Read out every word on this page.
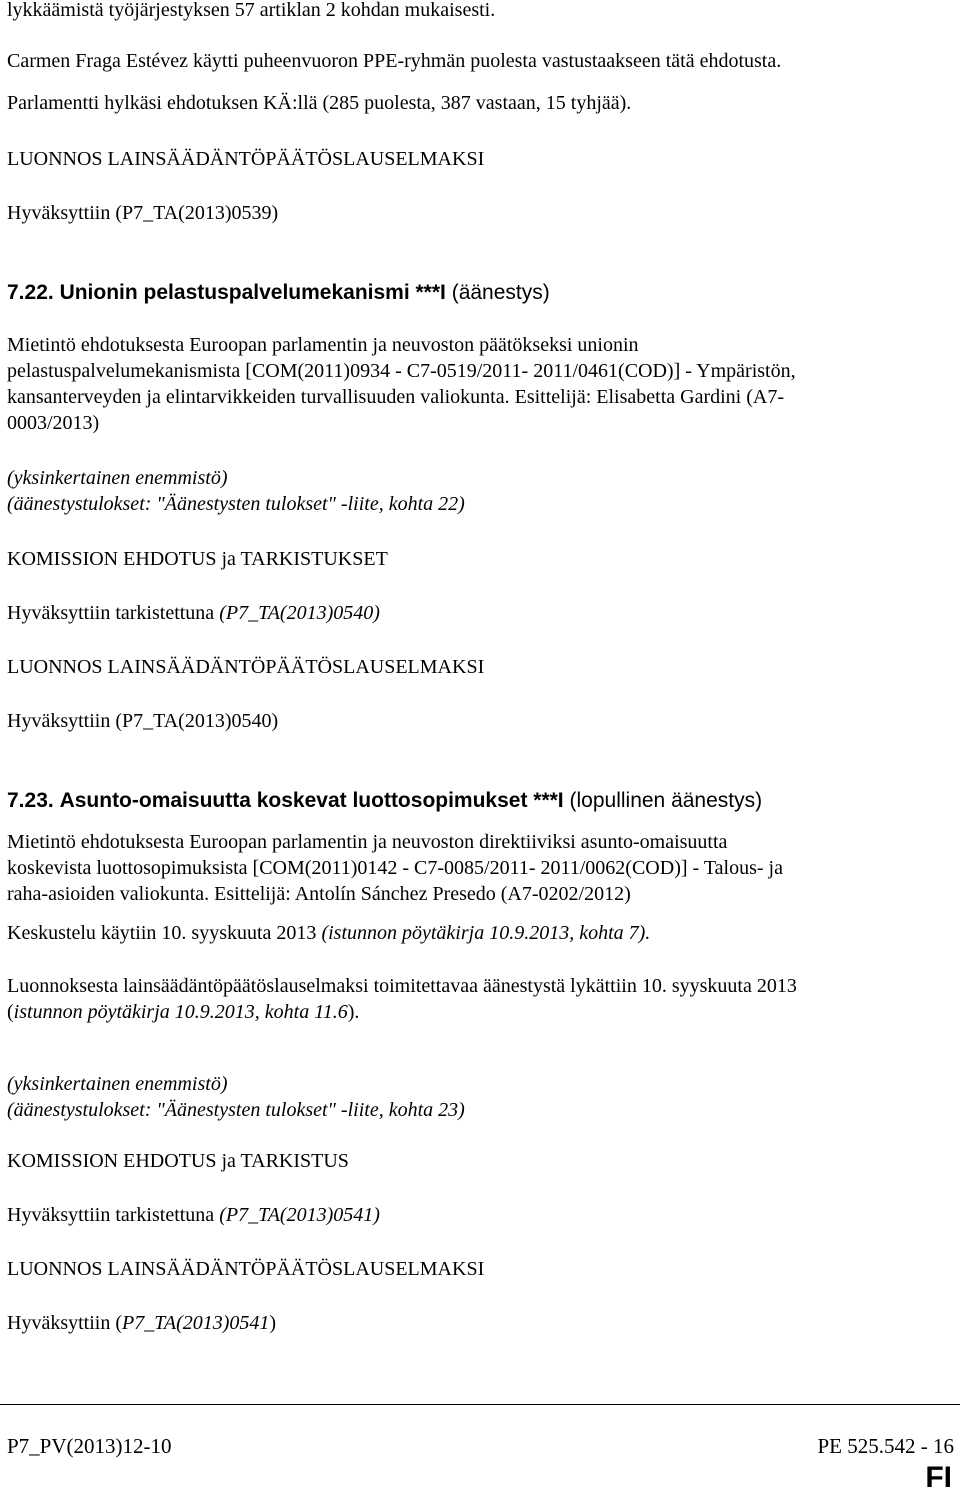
lykkäämistä työjärjestyksen 57 artiklan 2 kohdan mukaisesti.
Carmen Fraga Estévez käytti puheenvuoron PPE-ryhmän puolesta vastustaakseen tätä ehdotusta.
Parlamentti hylkäsi ehdotuksen KÄ:llä (285 puolesta, 387 vastaan, 15 tyhjää).
LUONNOS LAINSÄÄDÄNTÖPÄÄTÖSLAUSELMAKSI
Hyväksyttiin (P7_TA(2013)0539)
7.22. Unionin pelastuspalvelumekanismi ***I (äänestys)
Mietintö ehdotuksesta Euroopan parlamentin ja neuvoston päätökseksi unionin
pelastuspalvelumekanismista [COM(2011)0934 - C7-0519/2011- 2011/0461(COD)] - Ympäristön,
kansanterveyden ja elintarvikkeiden turvallisuuden valiokunta. Esittelijä: Elisabetta Gardini (A7-
0003/2013)
(yksinkertainen enemmistö)
(äänestystulokset: "Äänestysten tulokset" -liite, kohta 22)
KOMISSION EHDOTUS ja TARKISTUKSET
Hyväksyttiin tarkistettuna (P7_TA(2013)0540)
LUONNOS LAINSÄÄDÄNTÖPÄÄTÖSLAUSELMAKSI
Hyväksyttiin (P7_TA(2013)0540)
7.23. Asunto-omaisuutta koskevat luottosopimukset ***I (lopullinen äänestys)
Mietintö ehdotuksesta Euroopan parlamentin ja neuvoston direktiiviksi asunto-omaisuutta
koskevista luottosopimuksista [COM(2011)0142 - C7-0085/2011- 2011/0062(COD)] - Talous- ja
raha-asioiden valiokunta. Esittelijä: Antolín Sánchez Presedo (A7-0202/2012)
Keskustelu käytiin 10. syyskuuta 2013 (istunnon pöytäkirja 10.9.2013, kohta 7).
Luonnoksesta lainsäädäntöpäätöslauselmaksi toimitettavaa äänestystä lykättiin 10. syyskuuta 2013
(istunnon pöytäkirja 10.9.2013, kohta 11.6).
(yksinkertainen enemmistö)
(äänestystulokset: "Äänestysten tulokset" -liite, kohta 23)
KOMISSION EHDOTUS ja TARKISTUS
Hyväksyttiin tarkistettuna (P7_TA(2013)0541)
LUONNOS LAINSÄÄDÄNTÖPÄÄTÖSLAUSELMAKSI
Hyväksyttiin (P7_TA(2013)0541)
P7_PV(2013)12-10	PE 525.542 - 16
FI
